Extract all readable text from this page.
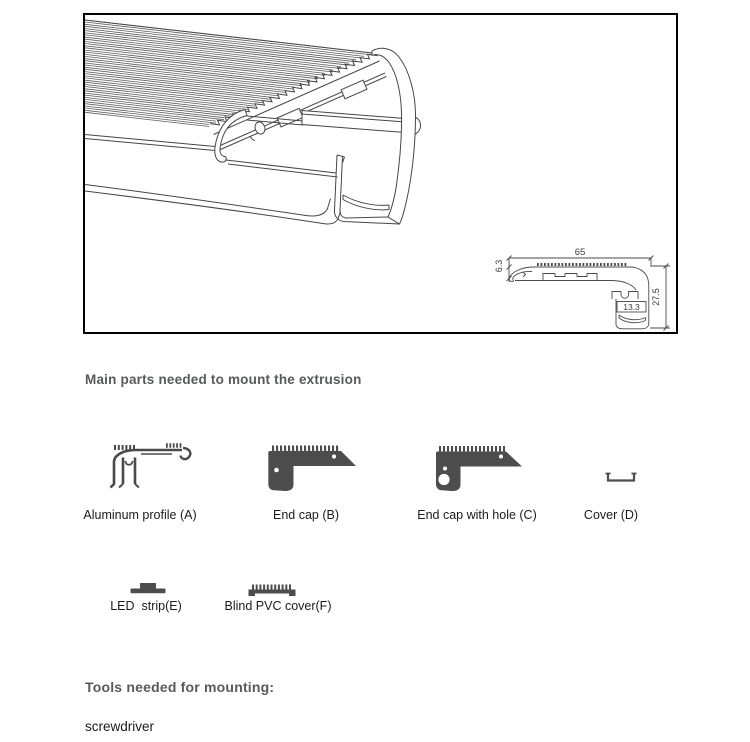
13.3
65
6.3
27.5
Main parts needed to mount the extrusion
Aluminum profile (A)	End cap (B)	End cap with hole (C)	Cover (D)
LED  strip(E)	Blind PVC cover(F)
Tools needed for mounting:
screwdriver
